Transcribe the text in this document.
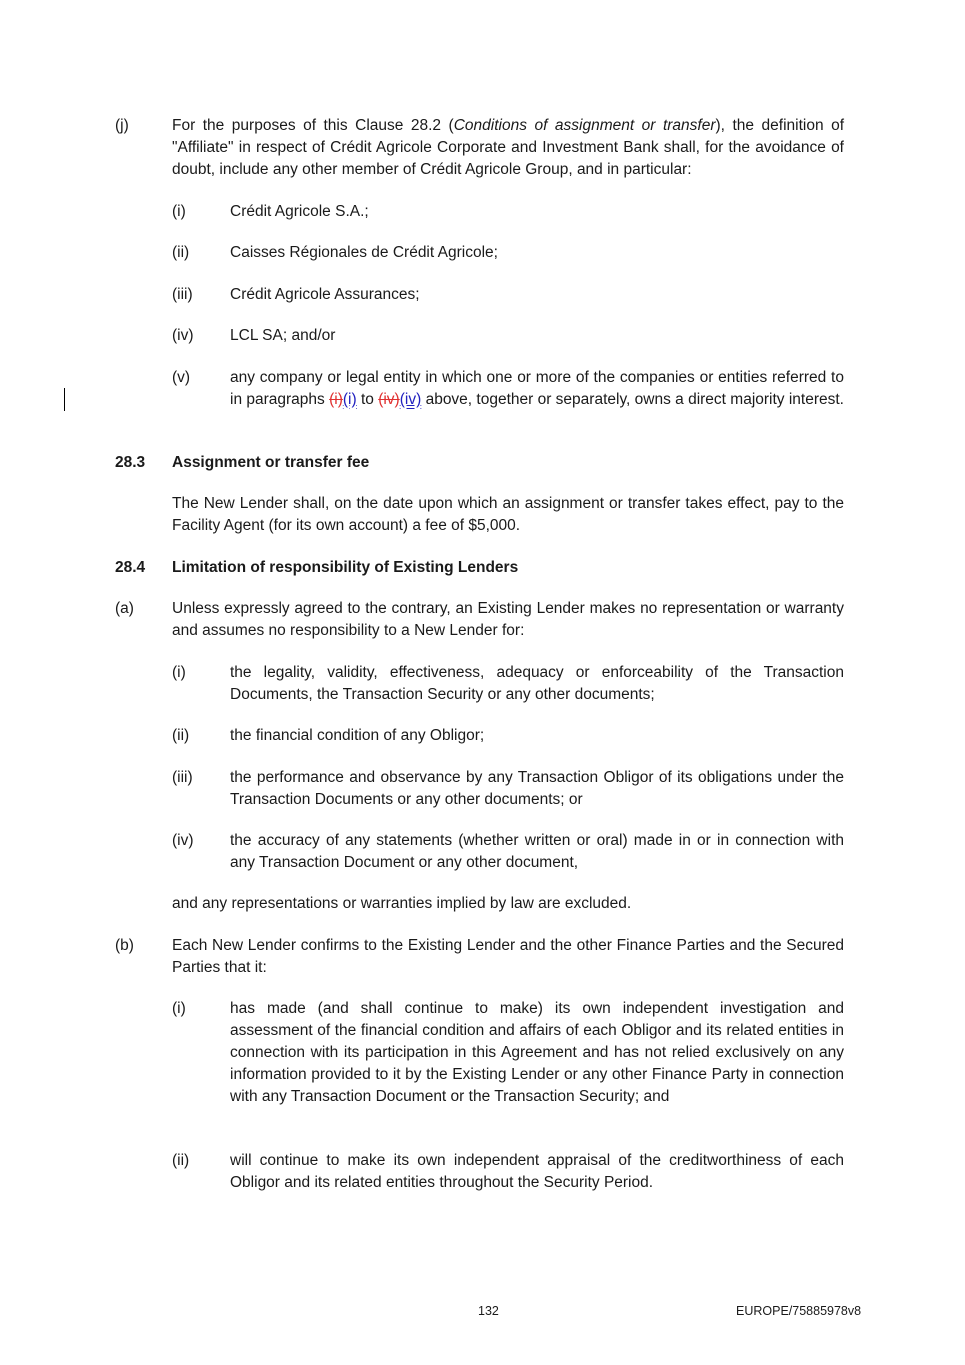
(j)	For the purposes of this Clause 28.2 (Conditions of assignment or transfer), the definition of "Affiliate" in respect of Crédit Agricole Corporate and Investment Bank shall, for the avoidance of doubt, include any other member of Crédit Agricole Group, and in particular:
(i)	Crédit Agricole S.A.;
(ii)	Caisses Régionales de Crédit Agricole;
(iii) Crédit Agricole Assurances;
(iv) LCL SA; and/or
(v)	any company or legal entity in which one or more of the companies or entities referred to in paragraphs (i)(i) to (iv)(iv) above, together or separately, owns a direct majority interest.
28.3 Assignment or transfer fee
The New Lender shall, on the date upon which an assignment or transfer takes effect, pay to the Facility Agent (for its own account) a fee of $5,000.
28.4 Limitation of responsibility of Existing Lenders
(a) Unless expressly agreed to the contrary, an Existing Lender makes no representation or warranty and assumes no responsibility to a New Lender for:
(i)	the legality, validity, effectiveness, adequacy or enforceability of the Transaction Documents, the Transaction Security or any other documents;
(ii)	the financial condition of any Obligor;
(iii) the performance and observance by any Transaction Obligor of its obligations under the Transaction Documents or any other documents; or
(iv) the accuracy of any statements (whether written or oral) made in or in connection with any Transaction Document or any other document,
and any representations or warranties implied by law are excluded.
(b) Each New Lender confirms to the Existing Lender and the other Finance Parties and the Secured Parties that it:
(i)	has made (and shall continue to make) its own independent investigation and assessment of the financial condition and affairs of each Obligor and its related entities in connection with its participation in this Agreement and has not relied exclusively on any information provided to it by the Existing Lender or any other Finance Party in connection with any Transaction Document or the Transaction Security; and
(ii)	will continue to make its own independent appraisal of the creditworthiness of each Obligor and its related entities throughout the Security Period.
132	EUROPE/75885978v8
